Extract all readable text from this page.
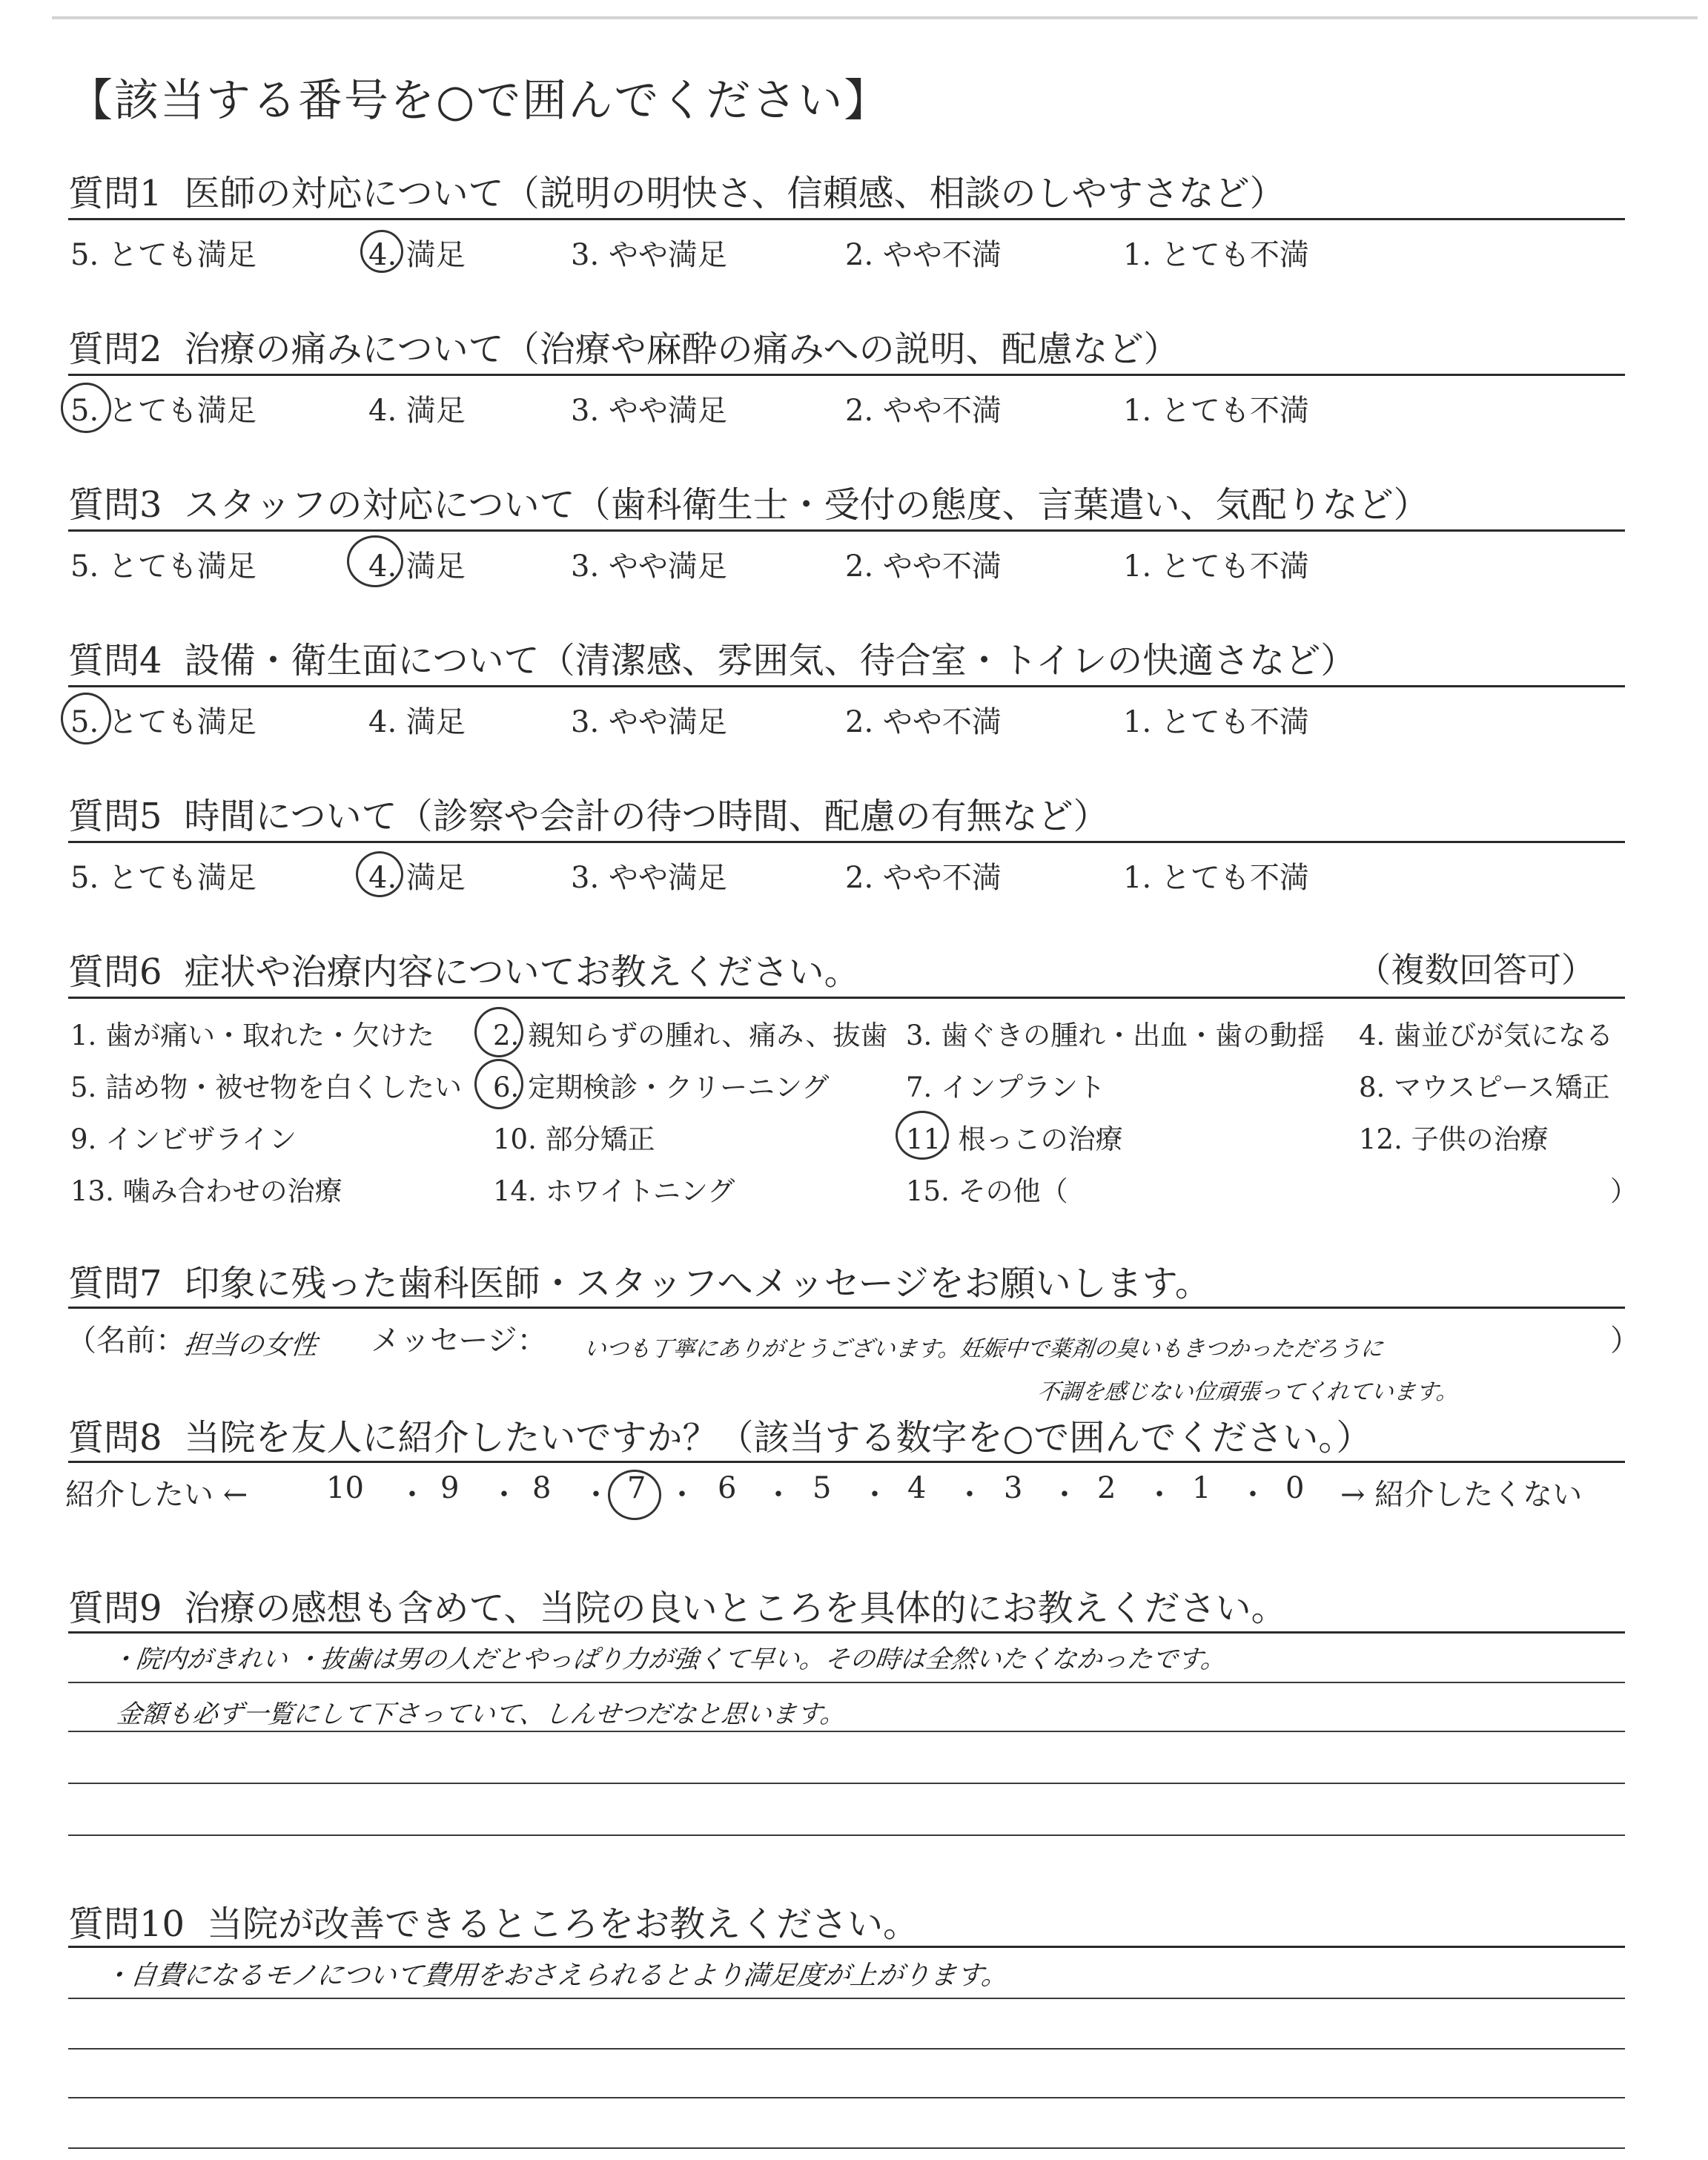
【該当する番号を○で囲んでください】
質問1 医師の対応について（説明の明快さ、信頼感、相談のしやすさなど）
5. とても満足	4. 満足	3. やや満足	2. やや不満	1. とても不満
質問2 治療の痛みについて（治療や麻酔の痛みへの説明、配慮など）
5. とても満足	4. 満足	3. やや満足	2. やや不満	1. とても不満
質問3 スタッフの対応について（歯科衛生士・受付の態度、言葉遣い、気配りなど）
5. とても満足	4. 満足	3. やや満足	2. やや不満	1. とても不満
質問4 設備・衛生面について（清潔感、雰囲気、待合室・トイレの快適さなど）
5. とても満足	4. 満足	3. やや満足	2. やや不満	1. とても不満
質問5 時間について（診察や会計の待つ時間、配慮の有無など）
5. とても満足	4. 満足	3. やや満足	2. やや不満	1. とても不満
質問6 症状や治療内容についてお教えください。	（複数回答可）
1. 歯が痛い・取れた・欠けた 2. 親知らずの腫れ、痛み、抜歯 3. 歯ぐきの腫れ・出血・歯の動揺 4. 歯並びが気になる
5. 詰め物・被せ物を白くしたい 6. 定期検診・クリーニング	7. インプラント	8. マウスピース矯正
9. インビザライン	10. 部分矯正	11. 根っこの治療	12. 子供の治療
13. 噛み合わせの治療	14. ホワイトニング	15. その他（	）
質問7 印象に残った歯科医師・スタッフへメッセージをお願いします。
（名前：
担当の女性 メッセージ： いつも丁寧にありがとうございます。妊娠中で薬剤の臭いもきつかっただろうに
不調を感じない位頑張ってくれています。
）
質問8 当院を友人に紹介したいですか？（該当する数字を○で囲んでください。）
紹介したい ←	10 ・ 9 ・ 8 ・ 7 ・ 6 ・ 5 ・ 4 ・ 3 ・ 2 ・ 1 ・ 0 → 紹介したくない
質問9 治療の感想も含めて、当院の良いところを具体的にお教えください。
・院内がきれい ・抜歯は男の人だとやっぱり力が強くて早い。その時は全然いたくなかったです。
金額も必ず一覧にして下さっていて、しんせつだなと思います。
質問10 当院が改善できるところをお教えください。
・自費になるモノについて費用をおさえられるとより満足度が上がります。
